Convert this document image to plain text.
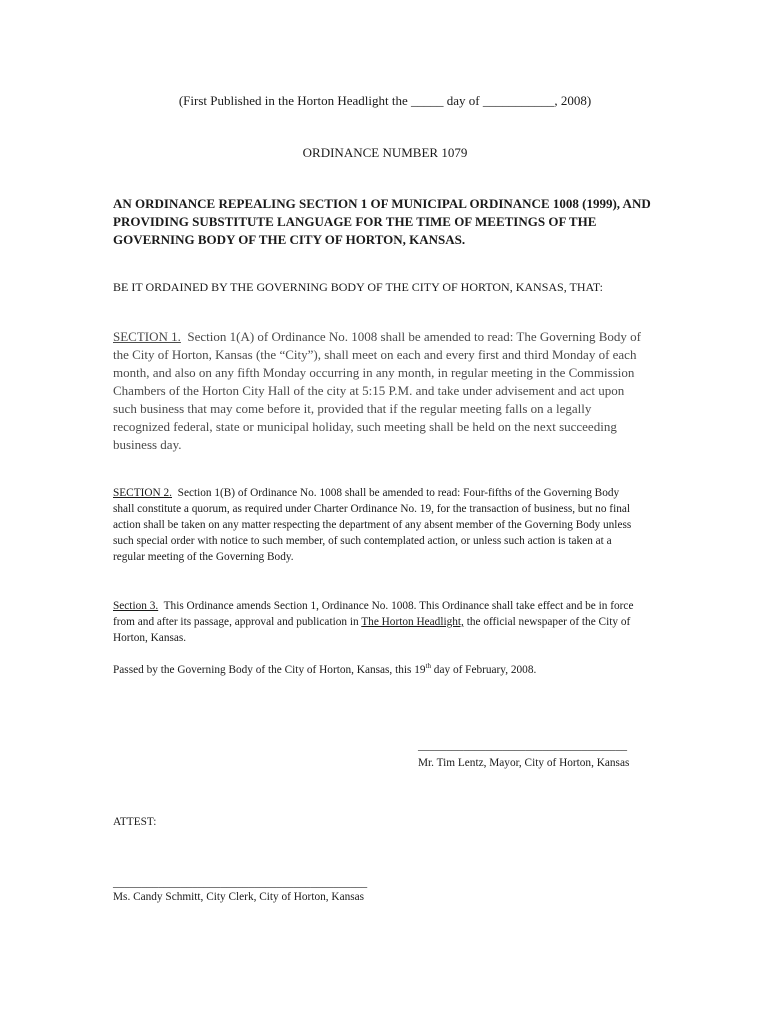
(First Published in the Horton Headlight the _____ day of ___________, 2008)

ORDINANCE NUMBER 1079

AN ORDINANCE REPEALING SECTION 1 OF MUNICIPAL ORDINANCE 1008 (1999), AND PROVIDING SUBSTITUTE LANGUAGE FOR THE TIME OF MEETINGS OF THE GOVERNING BODY OF THE CITY OF HORTON, KANSAS.

BE IT ORDAINED BY THE GOVERNING BODY OF THE CITY OF HORTON, KANSAS, THAT:

SECTION 1. Section 1(A) of Ordinance No. 1008 shall be amended to read: The Governing Body of the City of Horton, Kansas (the “City”), shall meet on each and every first and third Monday of each month, and also on any fifth Monday occurring in any month, in regular meeting in the Commission Chambers of the Horton City Hall of the city at 5:15 P.M. and take under advisement and act upon such business that may come before it, provided that if the regular meeting falls on a legally recognized federal, state or municipal holiday, such meeting shall be held on the next succeeding business day.

SECTION 2. Section 1(B) of Ordinance No. 1008 shall be amended to read: Four-fifths of the Governing Body shall constitute a quorum, as required under Charter Ordinance No. 19, for the transaction of business, but no final action shall be taken on any matter respecting the department of any absent member of the Governing Body unless such special order with notice to such member, of such contemplated action, or unless such action is taken at a regular meeting of the Governing Body.

Section 3. This Ordinance amends Section 1, Ordinance No. 1008. This Ordinance shall take effect and be in force from and after its passage, approval and publication in The Horton Headlight, the official newspaper of the City of Horton, Kansas.

Passed by the Governing Body of the City of Horton, Kansas, this 19th day of February, 2008.

_____________________________________

Mr. Tim Lentz, Mayor, City of Horton, Kansas

ATTEST:

_____________________________________________

Ms. Candy Schmitt, City Clerk, City of Horton, Kansas
